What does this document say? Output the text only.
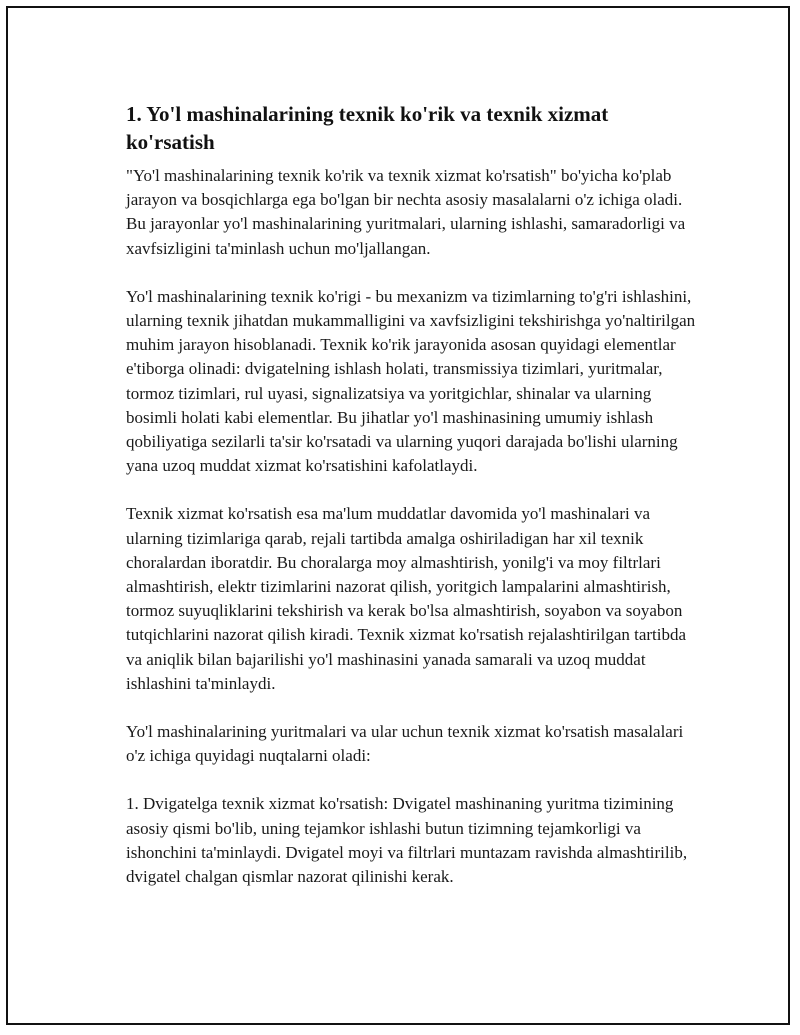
1. Yo'l mashinalarining texnik ko'rik va texnik xizmat ko'rsatish

"Yo'l mashinalarining texnik ko'rik va texnik xizmat ko'rsatish" bo'yicha ko'plab jarayon va bosqichlarga ega bo'lgan bir nechta asosiy masalalarni o'z ichiga oladi. Bu jarayonlar yo'l mashinalarining yuritmalari, ularning ishlashi, samaradorligi va xavfsizligini ta'minlash uchun mo'ljallangan.

Yo'l mashinalarining texnik ko'rigi - bu mexanizm va tizimlarning to'g'ri ishlashini, ularning texnik jihatdan mukammalligini va xavfsizligini tekshirishga yo'naltirilgan muhim jarayon hisoblanadi. Texnik ko'rik jarayonida asosan quyidagi elementlar e'tiborga olinadi: dvigatelning ishlash holati, transmissiya tizimlari, yuritmalar, tormoz tizimlari, rul uyasi, signalizatsiya va yoritgichlar, shinalar va ularning bosimli holati kabi elementlar. Bu jihatlar yo'l mashinasining umumiy ishlash qobiliyatiga sezilarli ta'sir ko'rsatadi va ularning yuqori darajada bo'lishi ularning yana uzoq muddat xizmat ko'rsatishini kafolatlaydi.

Texnik xizmat ko'rsatish esa ma'lum muddatlar davomida yo'l mashinalari va ularning tizimlariga qarab, rejali tartibda amalga oshiriladigan har xil texnik choralardan iboratdir. Bu choralarga moy almashtirish, yonilg'i va moy filtrlari almashtirish, elektr tizimlarini nazorat qilish, yoritgich lampalarini almashtirish, tormoz suyuqliklarini tekshirish va kerak bo'lsa almashtirish, soyabon va soyabon tutqichlarini nazorat qilish kiradi. Texnik xizmat ko'rsatish rejalashtirilgan tartibda va aniqlik bilan bajarilishi yo'l mashinasini yanada samarali va uzoq muddat ishlashini ta'minlaydi.

Yo'l mashinalarining yuritmalari va ular uchun texnik xizmat ko'rsatish masalalari o'z ichiga quyidagi nuqtalarni oladi:

1. Dvigatelga texnik xizmat ko'rsatish: Dvigatel mashinaning yuritma tizimining asosiy qismi bo'lib, uning tejamkor ishlashi butun tizimning tejamkorligi va ishonchini ta'minlaydi. Dvigatel moyi va filtrlari muntazam ravishda almashtirilib, dvigatel chalgan qismlar nazorat qilinishi kerak.
